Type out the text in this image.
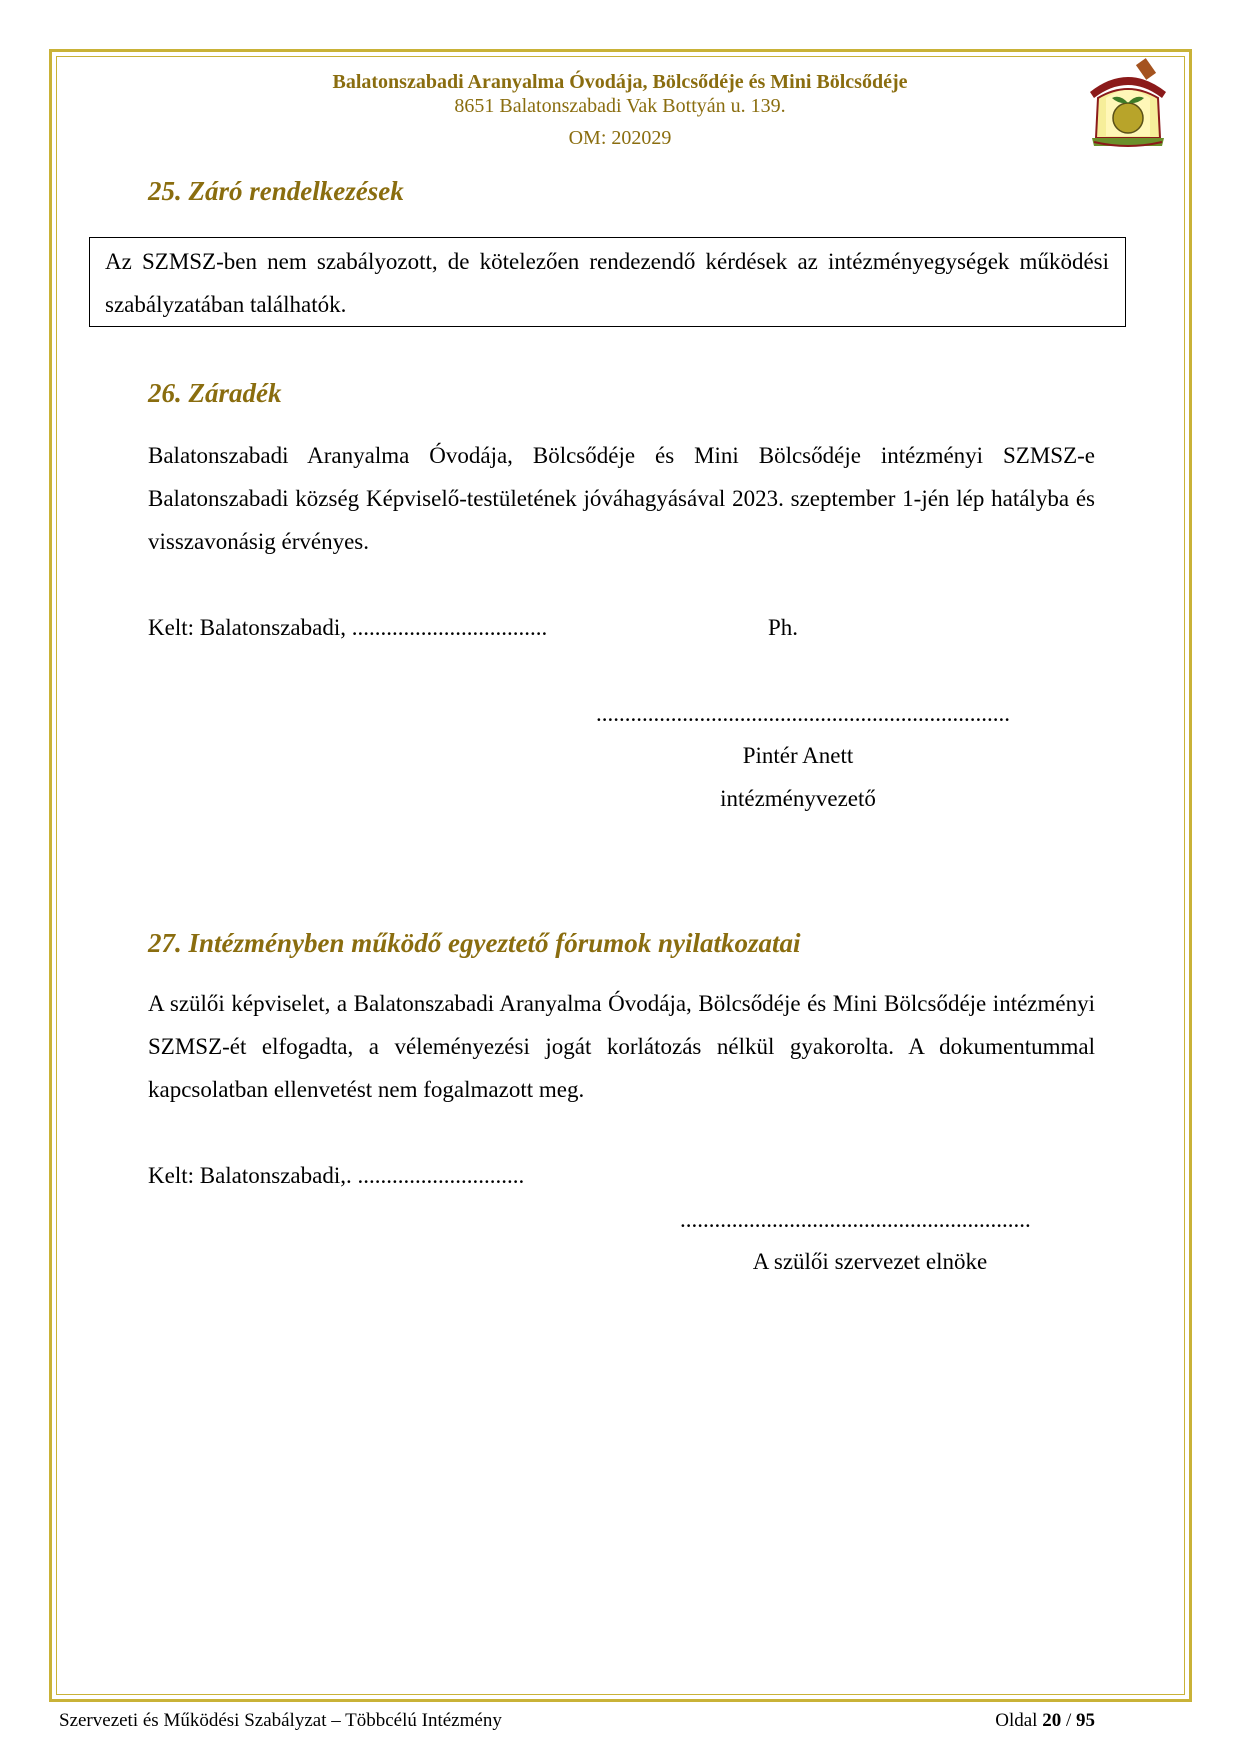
Balatonszabadi Aranyalma Óvodája, Bölcsődéje és Mini Bölcsődéje
8651 Balatonszabadi Vak Bottyán u. 139.
OM: 202029
25. Záró rendelkezések
Az SZMSZ-ben nem szabályozott, de kötelezően rendezendő kérdések az intézményegységek működési szabályzatában találhatók.
26. Záradék
Balatonszabadi Aranyalma Óvodája, Bölcsődéje és Mini Bölcsődéje intézményi SZMSZ-e Balatonszabadi község Képviselő-testületének jóváhagyásával 2023. szeptember 1-jén lép hatályba és visszavonásig érvényes.
Kelt: Balatonszabadi, ..................................	Ph.
........................................................................
Pintér Anett
intézményvezető
27. Intézményben működő egyeztető fórumok nyilatkozatai
A szülői képviselet, a Balatonszabadi Aranyalma Óvodája, Bölcsődéje és Mini Bölcsődéje intézményi SZMSZ-ét elfogadta, a véleményezési jogát korlátozás nélkül gyakorolta. A dokumentummal kapcsolatban ellenvetést nem fogalmazott meg.
Kelt: Balatonszabadi,. .............................
.............................................................
A szülői szervezet elnöke
Szervezeti és Működési Szabályzat – Többcélú Intézmény	Oldal 20 / 95
